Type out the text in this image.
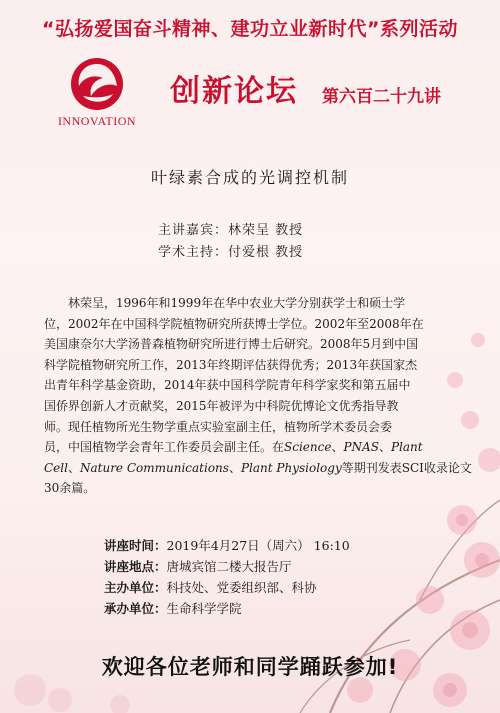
“弘扬爱国奋斗精神、建功立业新时代”系列活动
INNOVATION
创新论坛 第六百二十九讲
叶绿素合成的光调控机制
主讲嘉宾：林荣呈 教授
学术主持：付爱根 教授
林荣呈，1996年和1999年在华中农业大学分别获学士和硕士学
位，2002年在中国科学院植物研究所获博士学位。2002年至2008年在
美国康奈尔大学汤普森植物研究所进行博士后研究。2008年5月到中国
科学院植物研究所工作，2013年终期评估获得优秀；2013年获国家杰
出青年科学基金资助，2014年获中国科学院青年科学家奖和第五届中
国侨界创新人才贡献奖，2015年被评为中科院优博论文优秀指导教
师。现任植物所光生物学重点实验室副主任，植物所学术委员会委
员，中国植物学会青年工作委员会副主任。在Science、PNAS、Plant
Cell、Nature Communications、Plant Physiology等期刊发表SCI收录论文
30余篇。
讲座时间：2019年4月27日（周六） 16:10
讲座地点：唐城宾馆二楼大报告厅
主办单位：科技处、党委组织部、科协
承办单位：生命科学学院
欢迎各位老师和同学踊跃参加!
